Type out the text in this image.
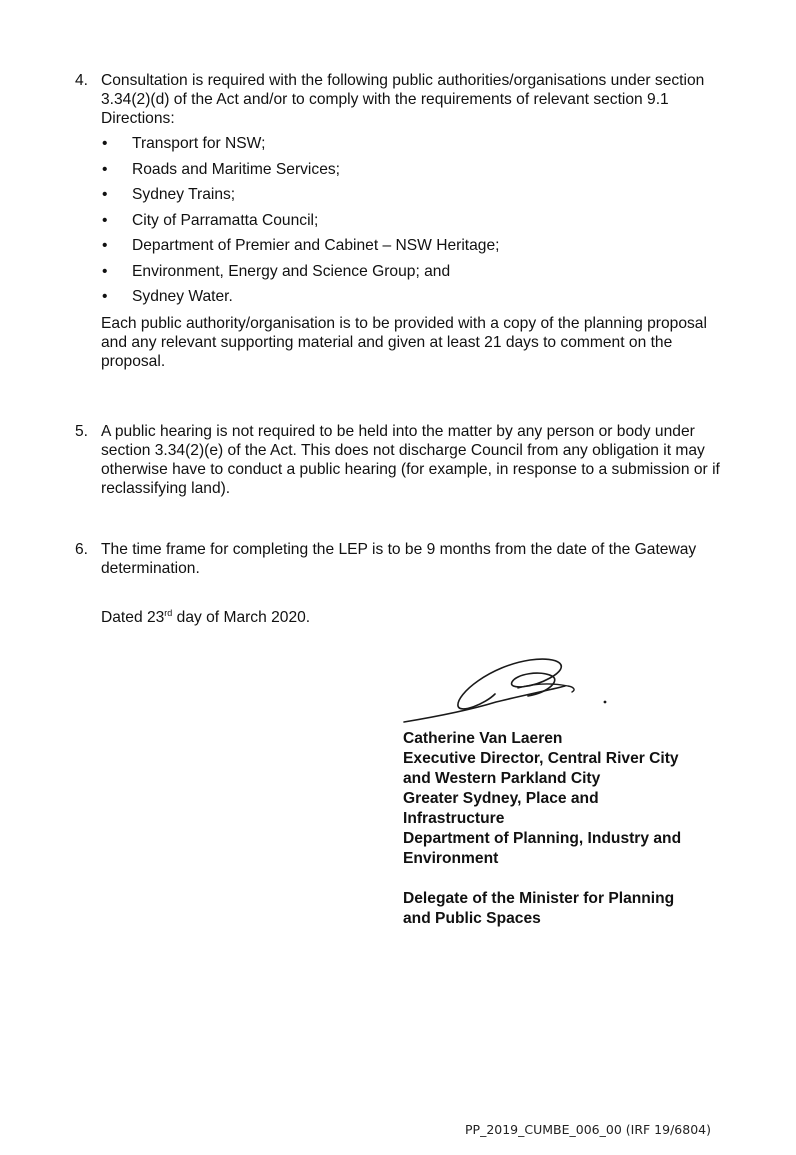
4. Consultation is required with the following public authorities/organisations under section 3.34(2)(d) of the Act and/or to comply with the requirements of relevant section 9.1 Directions:
• Transport for NSW;
• Roads and Maritime Services;
• Sydney Trains;
• City of Parramatta Council;
• Department of Premier and Cabinet – NSW Heritage;
• Environment, Energy and Science Group; and
• Sydney Water.
Each public authority/organisation is to be provided with a copy of the planning proposal and any relevant supporting material and given at least 21 days to comment on the proposal.
5. A public hearing is not required to be held into the matter by any person or body under section 3.34(2)(e) of the Act. This does not discharge Council from any obligation it may otherwise have to conduct a public hearing (for example, in response to a submission or if reclassifying land).
6. The time frame for completing the LEP is to be 9 months from the date of the Gateway determination.
Dated 23rd day of March 2020.
Catherine Van Laeren
Executive Director, Central River City
and Western Parkland City
Greater Sydney, Place and
Infrastructure
Department of Planning, Industry and
Environment
Delegate of the Minister for Planning
and Public Spaces
PP_2019_CUMBE_006_00 (IRF 19/6804)
